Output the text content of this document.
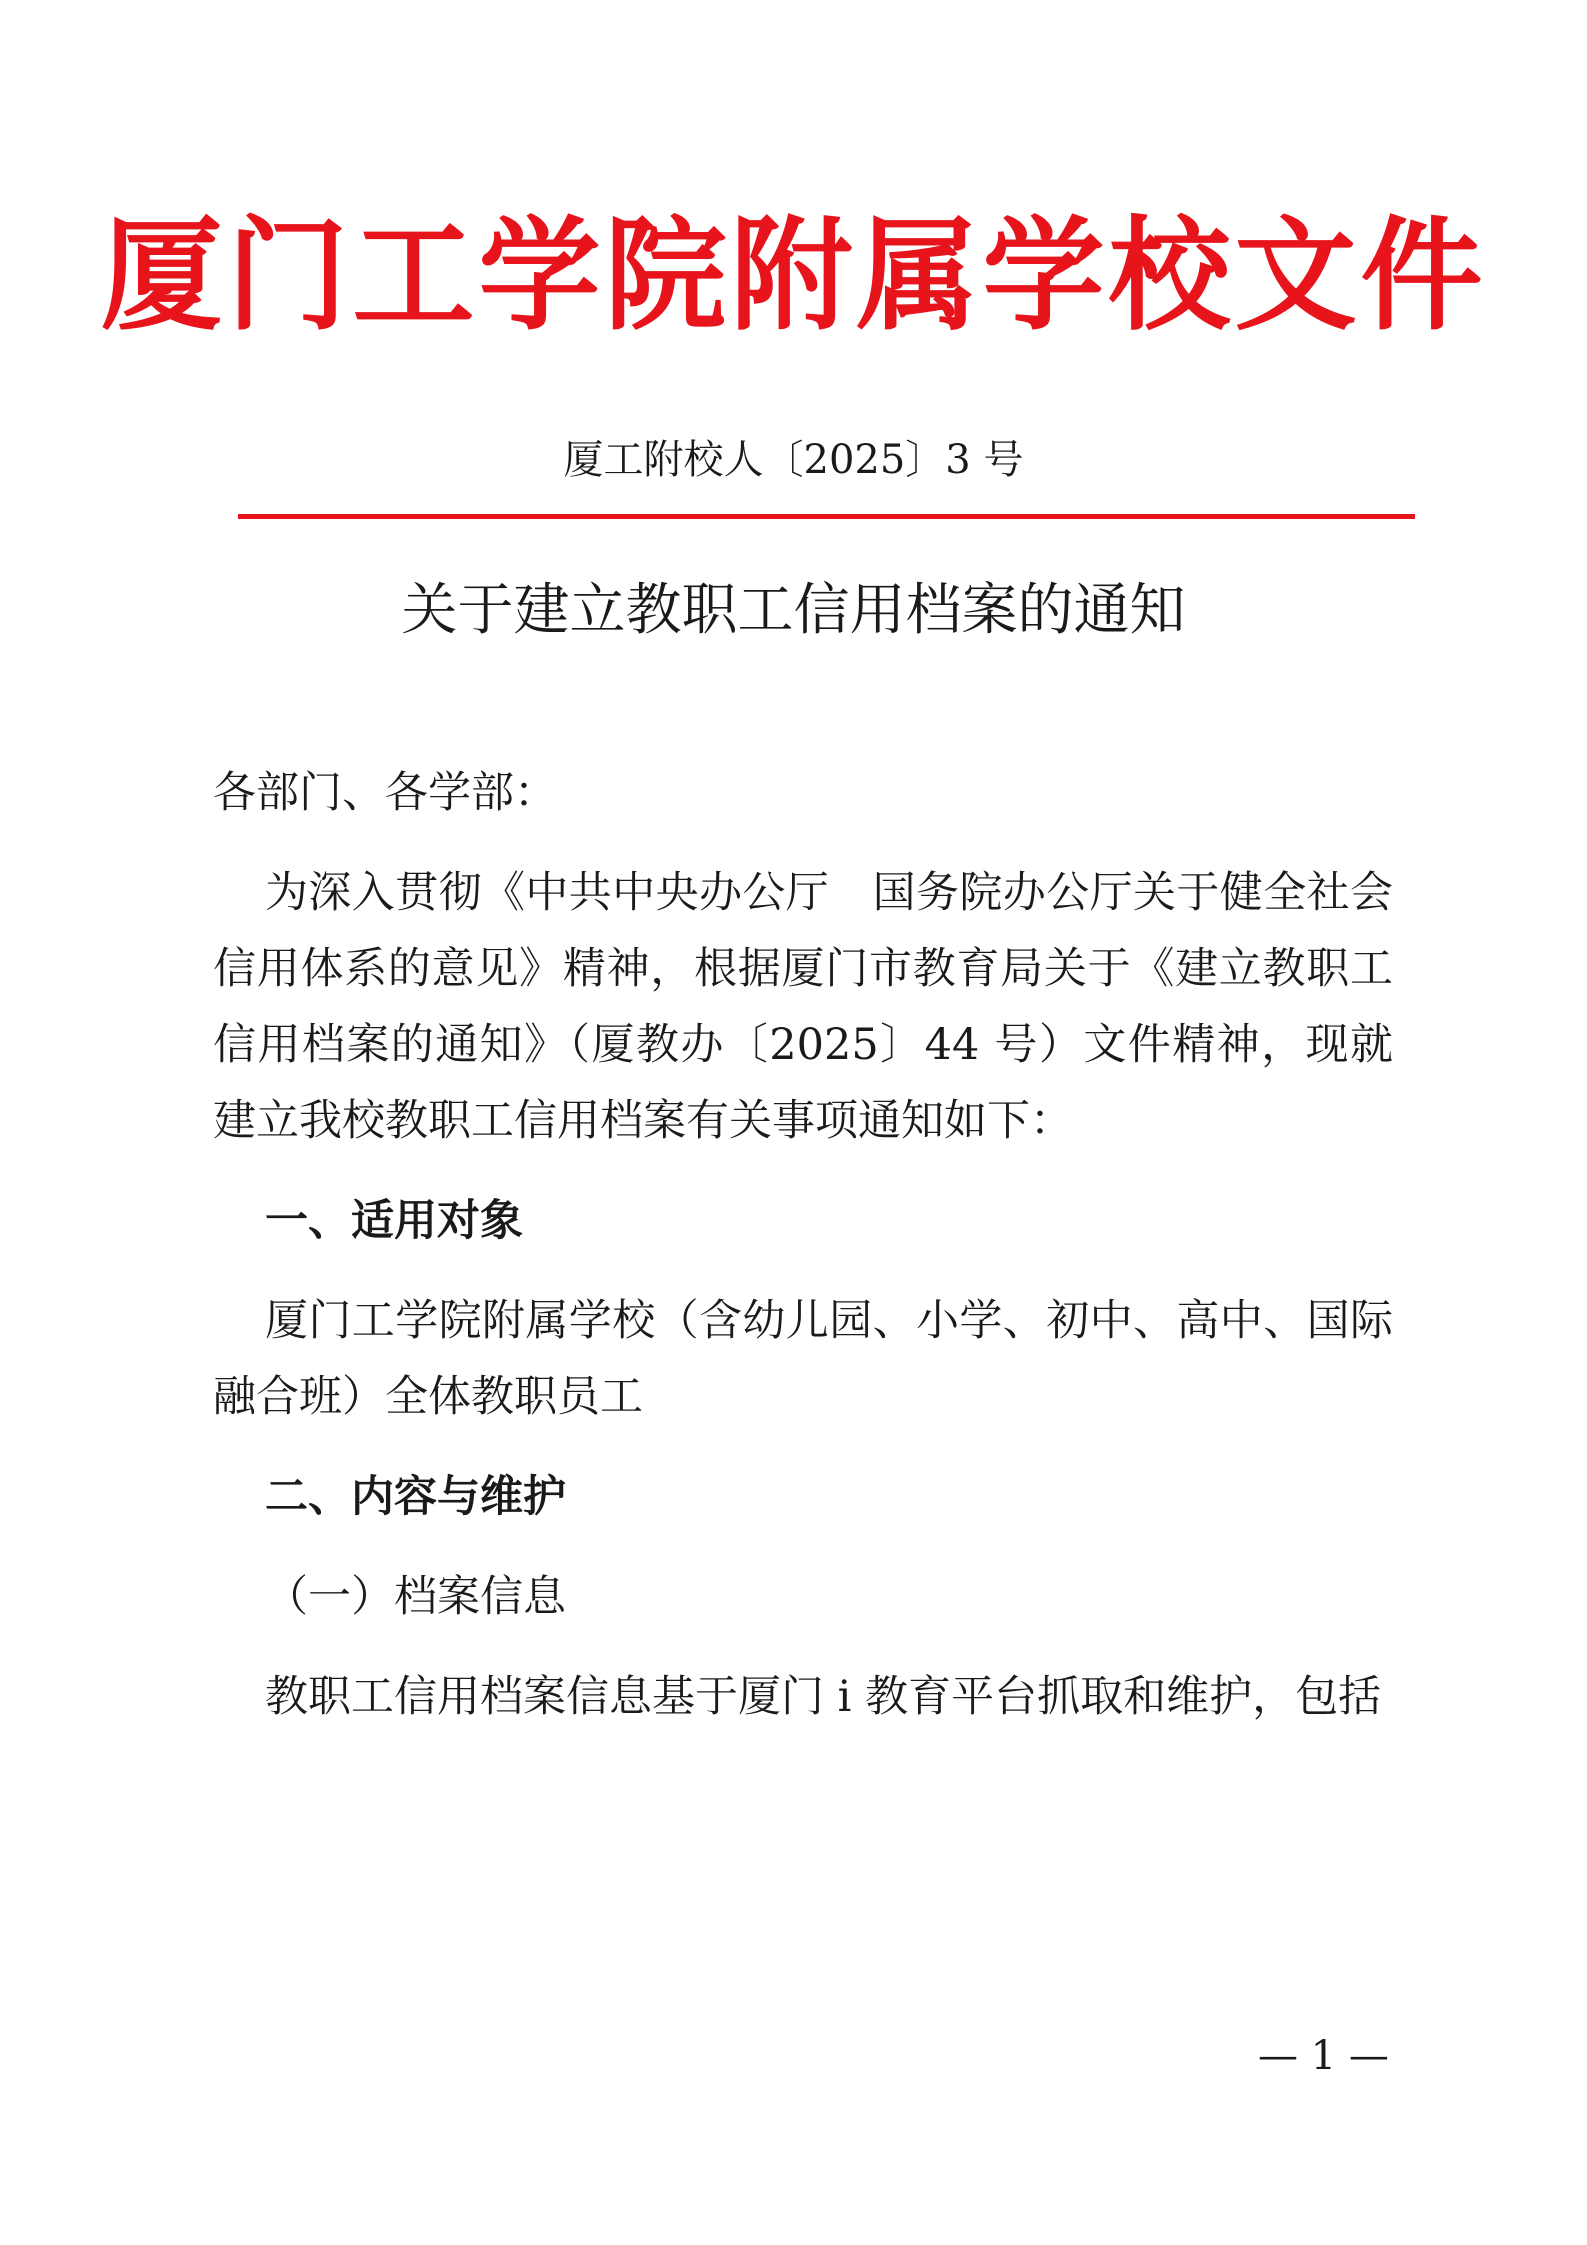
厦门工学院附属学校文件
厦工附校人〔2025〕3 号
关于建立教职工信用档案的通知

各部门、各学部：

为深入贯彻《中共中央办公厅　国务院办公厅关于健全社会信用体系的意见》精神，根据厦门市教育局关于《建立教职工信用档案的通知》（厦教办〔2025〕44 号）文件精神，现就建立我校教职工信用档案有关事项通知如下：

一、适用对象

厦门工学院附属学校（含幼儿园、小学、初中、高中、国际融合班）全体教职员工

二、内容与维护

（一）档案信息

教职工信用档案信息基于厦门 i 教育平台抓取和维护，包括

— 1 —
